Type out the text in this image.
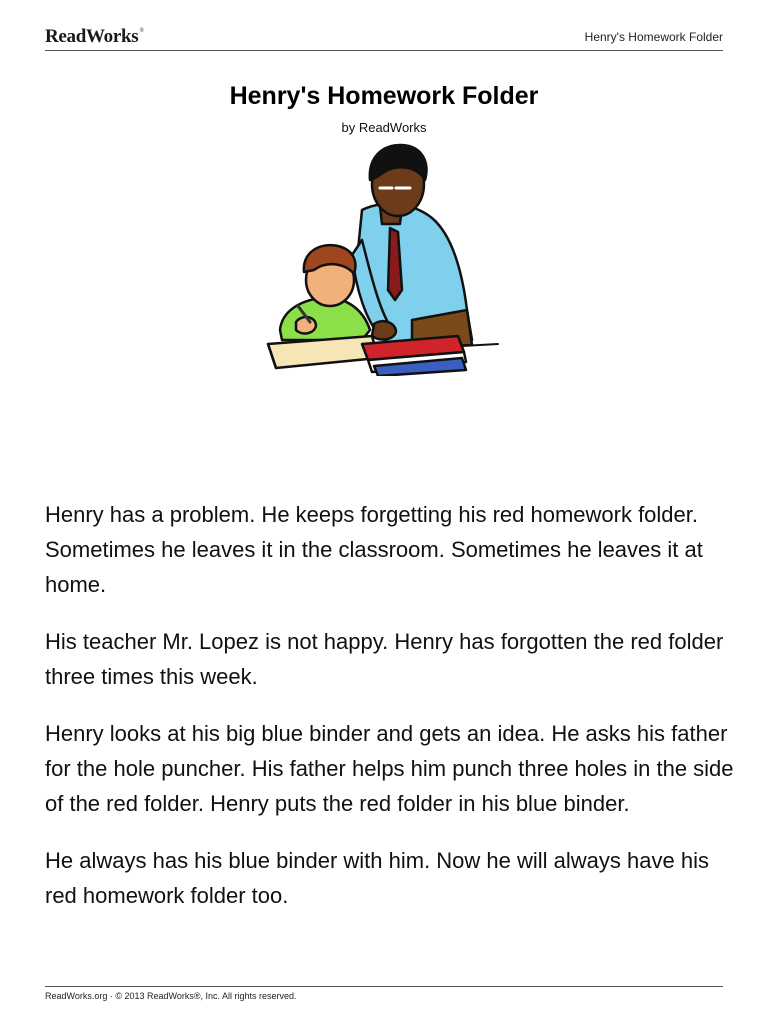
ReadWorks®	Henry's Homework Folder
Henry's Homework Folder
by ReadWorks

Henry has a problem. He keeps forgetting his red homework folder. Sometimes he leaves it in the classroom. Sometimes he leaves it at home.

His teacher Mr. Lopez is not happy. Henry has forgotten the red folder three times this week.

Henry looks at his big blue binder and gets an idea. He asks his father for the hole puncher. His father helps him punch three holes in the side of the red folder. Henry puts the red folder in his blue binder.

He always has his blue binder with him. Now he will always have his red homework folder too.

ReadWorks.org · © 2013 ReadWorks®, Inc. All rights reserved.
